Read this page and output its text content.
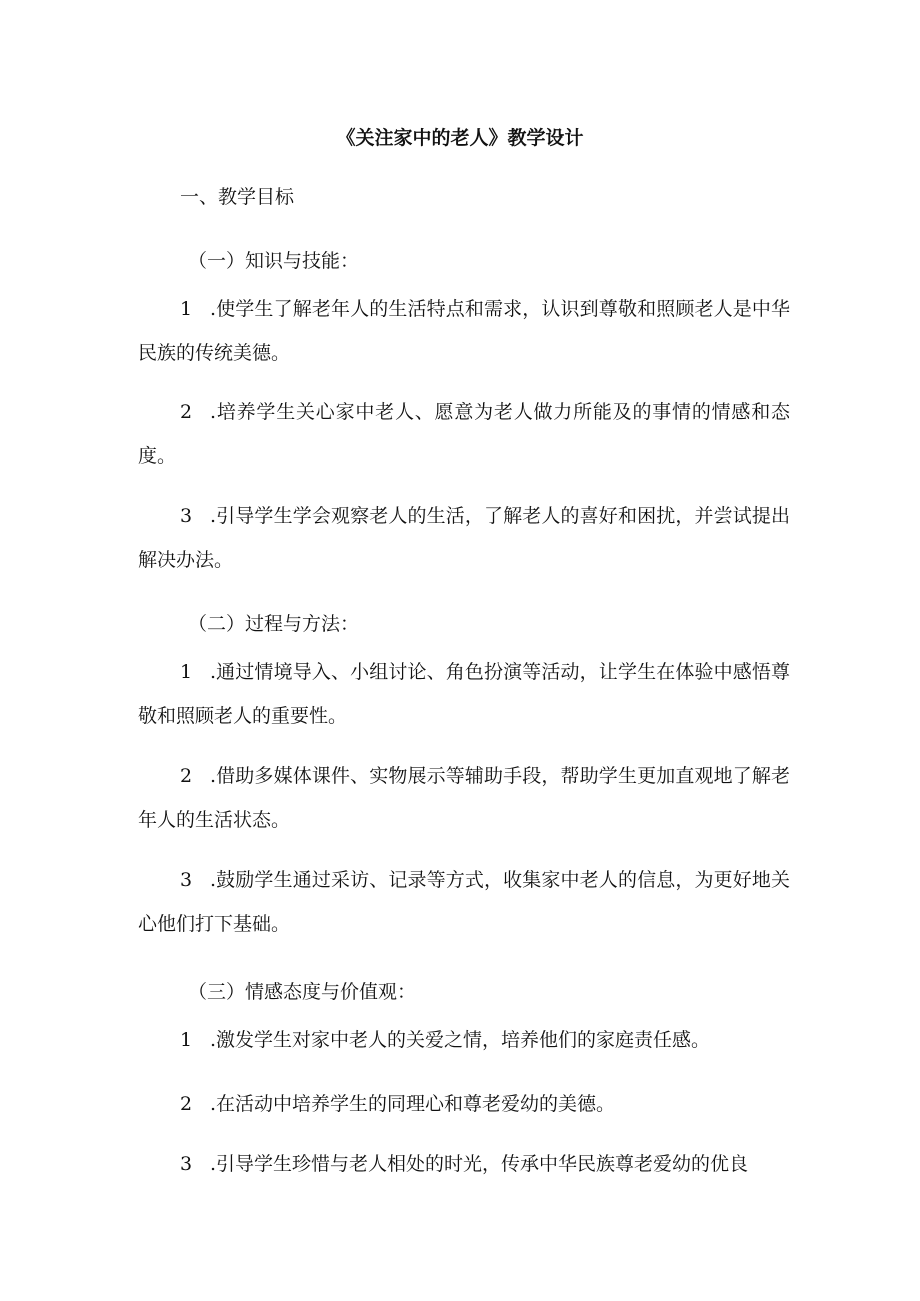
《关注家中的老人》教学设计
一、教学目标
（一）知识与技能：
1 .使学生了解老年人的生活特点和需求，认识到尊敬和照顾老人是中华民族的传统美德。
2 .培养学生关心家中老人、愿意为老人做力所能及的事情的情感和态度。
3 .引导学生学会观察老人的生活，了解老人的喜好和困扰，并尝试提出解决办法。
（二）过程与方法：
1 .通过情境导入、小组讨论、角色扮演等活动，让学生在体验中感悟尊敬和照顾老人的重要性。
2 .借助多媒体课件、实物展示等辅助手段，帮助学生更加直观地了解老年人的生活状态。
3 .鼓励学生通过采访、记录等方式，收集家中老人的信息，为更好地关心他们打下基础。
（三）情感态度与价值观：
1 .激发学生对家中老人的关爱之情，培养他们的家庭责任感。
2 .在活动中培养学生的同理心和尊老爱幼的美德。
3 .引导学生珍惜与老人相处的时光，传承中华民族尊老爱幼的优良
